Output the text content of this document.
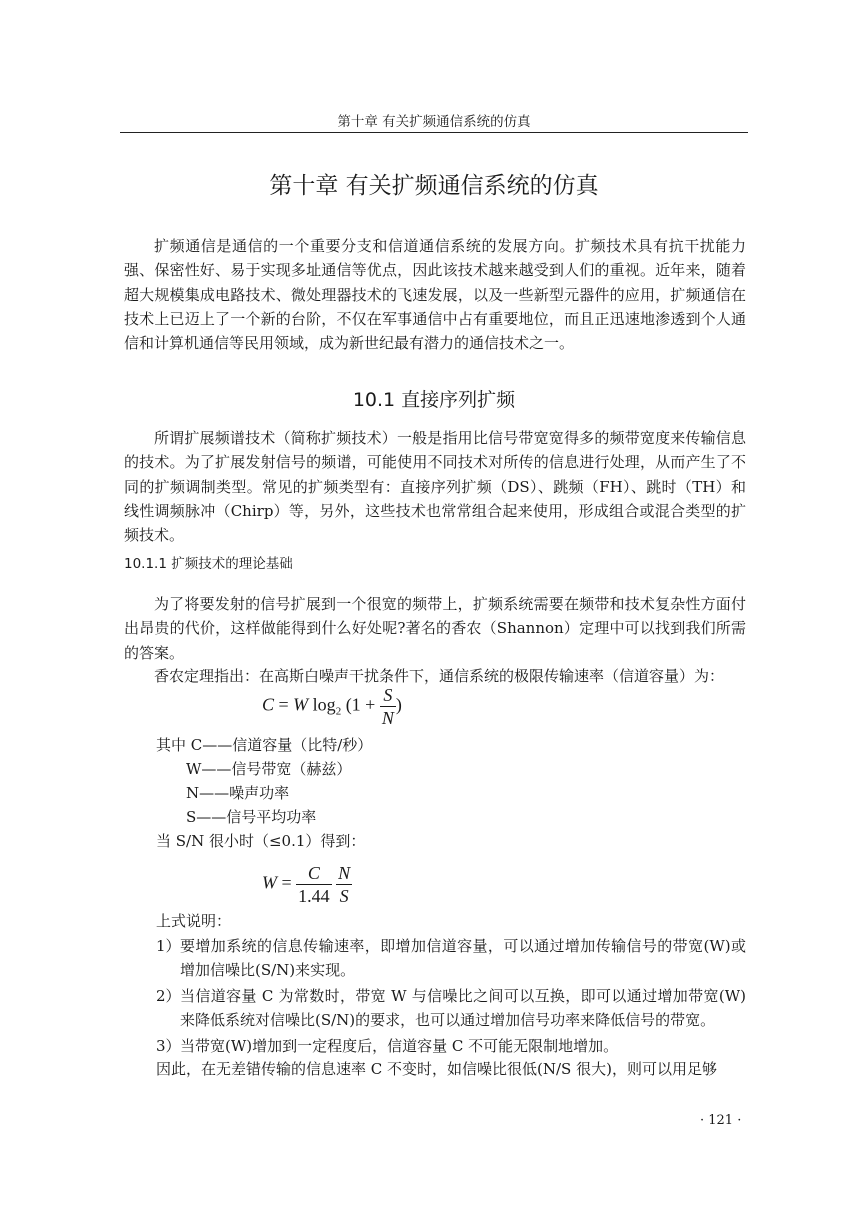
第十章 有关扩频通信系统的仿真
第十章 有关扩频通信系统的仿真

扩频通信是通信的一个重要分支和信道通信系统的发展方向。扩频技术具有抗干扰能力强、保密性好、易于实现多址通信等优点，因此该技术越来越受到人们的重视。近年来，随着超大规模集成电路技术、微处理器技术的飞速发展，以及一些新型元器件的应用，扩频通信在技术上已迈上了一个新的台阶，不仅在军事通信中占有重要地位，而且正迅速地渗透到个人通信和计算机通信等民用领域，成为新世纪最有潜力的通信技术之一。

10.1 直接序列扩频

所谓扩展频谱技术（简称扩频技术）一般是指用比信号带宽宽得多的频带宽度来传输信息的技术。为了扩展发射信号的频谱，可能使用不同技术对所传的信息进行处理，从而产生了不同的扩频调制类型。常见的扩频类型有：直接序列扩频（DS）、跳频（FH）、跳时（TH）和线性调频脉冲（Chirp）等，另外，这些技术也常常组合起来使用，形成组合或混合类型的扩频技术。

10.1.1 扩频技术的理论基础

为了将要发射的信号扩展到一个很宽的频带上，扩频系统需要在频带和技术复杂性方面付出昂贵的代价，这样做能得到什么好处呢?著名的香农（Shannon）定理中可以找到我们所需的答案。

香农定理指出：在高斯白噪声干扰条件下，通信系统的极限传输速率（信道容量）为：

C = W $\log_2 (1 + \frac{S}{N}$ )
其中 C——信道容量（比特/秒）
W——信号带宽（赫兹）
N——噪声功率
S——信号平均功率
当 S/N 很小时（≤0.1）得到：
$W = \frac{C}{1.44}$
$\frac{N}{S}$
上式说明：
1） 要增加系统的信息传输速率，即增加信道容量，可以通过增加传输信号的带宽(W)或增加信噪比(S/N)来实现。
2） 当信道容量 C 为常数时，带宽 W 与信噪比之间可以互换，即可以通过增加带宽(W)来降低系统对信噪比(S/N)的要求，也可以通过增加信号功率来降低信号的带宽。
3） 当带宽(W)增加到一定程度后，信道容量 C 不可能无限制地增加。
因此，在无差错传输的信息速率 C 不变时，如信噪比很低(N/S 很大)，则可以用足够
· 121 ·
